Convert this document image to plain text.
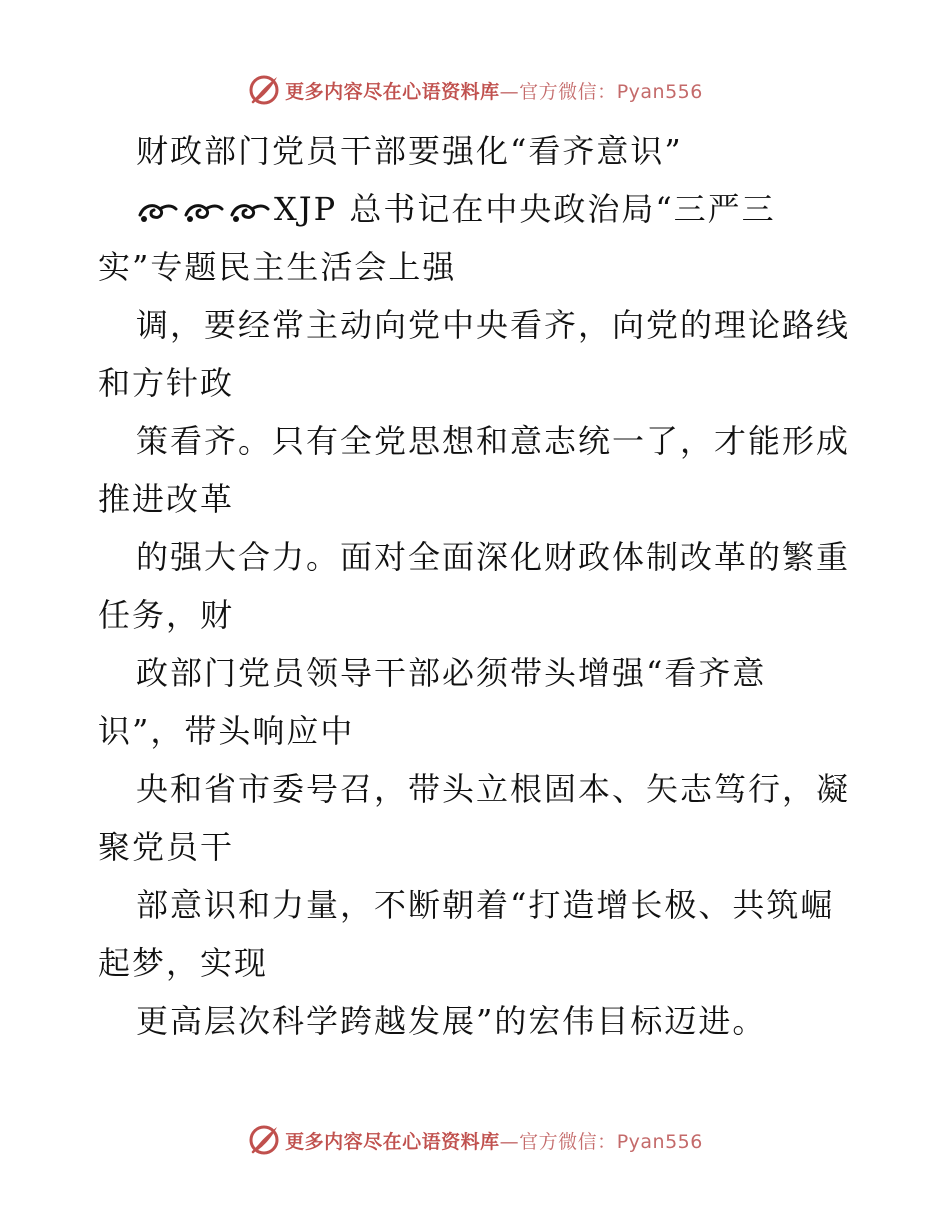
更多内容尽在心语资料库—官方微信：Pyan556
财政部门党员干部要强化“看齐意识”
XJP 总书记在中央政治局“三严三
实”专题民主生活会上强
调，要经常主动向党中央看齐，向党的理论路线
和方针政
策看齐。只有全党思想和意志统一了，才能形成
推进改革
的强大合力。面对全面深化财政体制改革的繁重
任务，财
政部门党员领导干部必须带头增强“看齐意
识”，带头响应中
央和省市委号召，带头立根固本、矢志笃行，凝
聚党员干
部意识和力量，不断朝着“打造增长极、共筑崛
起梦，实现
更高层次科学跨越发展”的宏伟目标迈进。
更多内容尽在心语资料库—官方微信：Pyan556
